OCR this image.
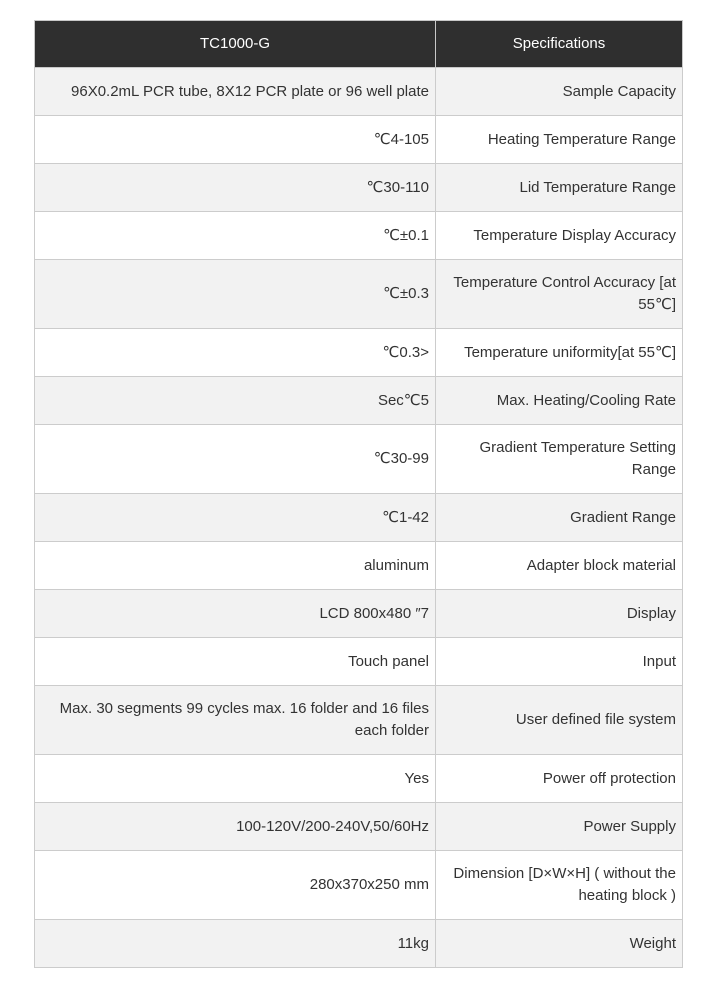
TC1000-G	Specifications
96X0.2mL PCR tube, 8X12 PCR plate or 96 well plate	Sample Capacity
℃4-105	Heating Temperature Range
℃30-110	Lid Temperature Range
℃±0.1	Temperature Display Accuracy
℃±0.3	Temperature Control Accuracy [at 55℃]
℃0.3>	Temperature uniformity[at 55℃]
Sec℃5	Max. Heating/Cooling Rate
℃30-99	Gradient Temperature Setting Range
℃1-42	Gradient Range
aluminum	Adapter block material
LCD 800x480 ″7	Display
Touch panel	Input
Max. 30 segments 99 cycles max. 16 folder and 16 files each folder	User defined file system
Yes	Power off protection
100-120V/200-240V,50/60Hz	Power Supply
280x370x250 mm	Dimension [D×W×H] ( without the heating block )
11kg	Weight
